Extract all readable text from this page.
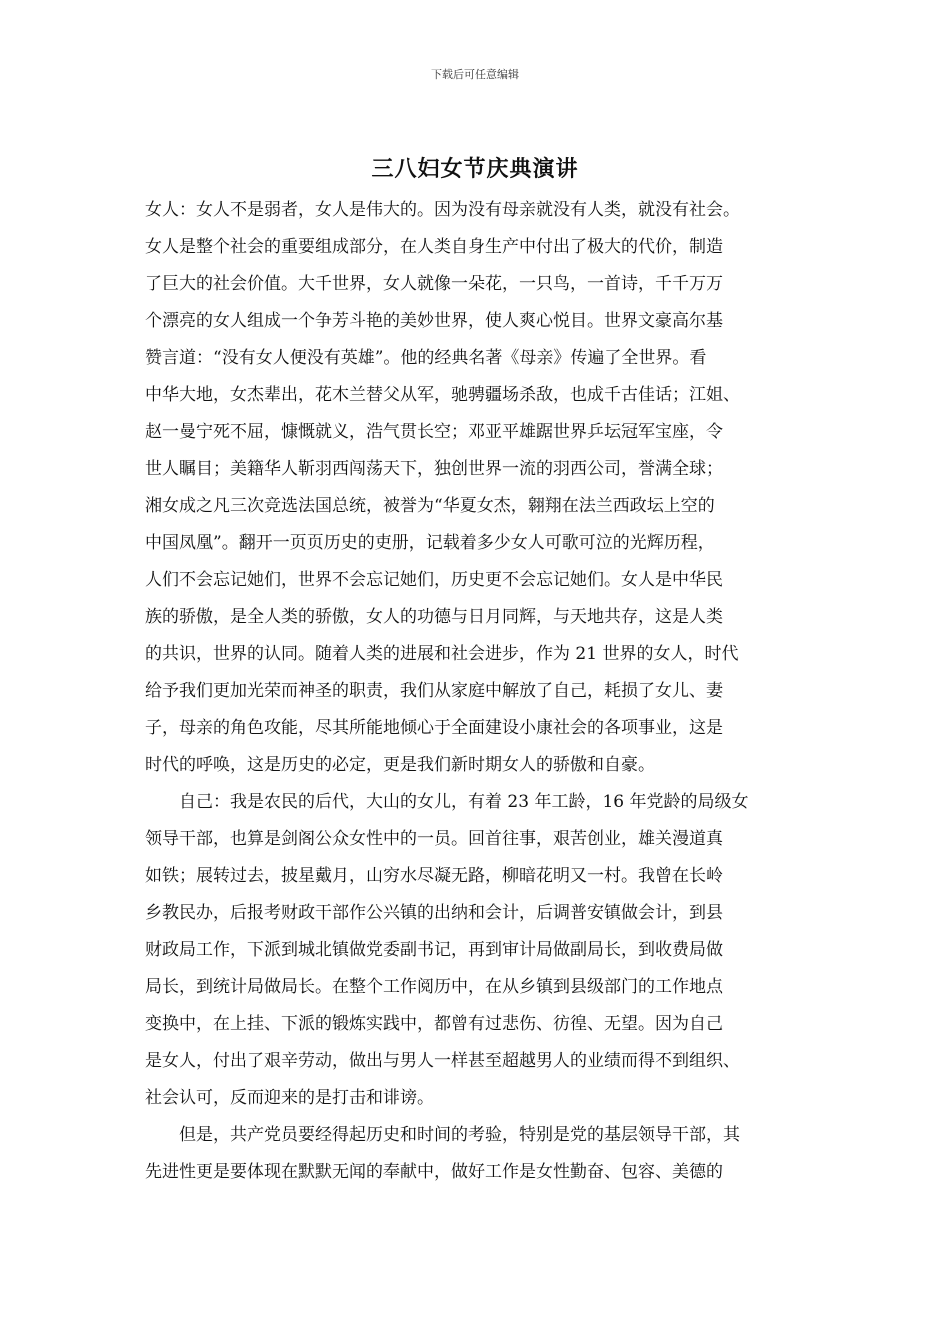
下载后可任意编辑
三八妇女节庆典演讲
女人：女人不是弱者，女人是伟大的。因为没有母亲就没有人类，就没有社会。
女人是整个社会的重要组成部分，在人类自身生产中付出了极大的代价，制造
了巨大的社会价值。大千世界，女人就像一朵花，一只鸟，一首诗，千千万万
个漂亮的女人组成一个争芳斗艳的美妙世界，使人爽心悦目。世界文豪高尔基
赞言道：“没有女人便没有英雄”。他的经典名著《母亲》传遍了全世界。看
中华大地，女杰辈出，花木兰替父从军，驰骋疆场杀敌，也成千古佳话；江姐、
赵一曼宁死不屈，慷慨就义，浩气贯长空；邓亚平雄踞世界乒坛冠军宝座，令
世人瞩目；美籍华人靳羽西闯荡天下，独创世界一流的羽西公司，誉满全球；
湘女成之凡三次竞选法国总统，被誉为“华夏女杰，翱翔在法兰西政坛上空的
中国凤凰”。翻开一页页历史的吏册，记载着多少女人可歌可泣的光辉历程，
人们不会忘记她们，世界不会忘记她们，历史更不会忘记她们。女人是中华民
族的骄傲，是全人类的骄傲，女人的功德与日月同辉，与天地共存，这是人类
的共识，世界的认同。随着人类的进展和社会进步，作为 21 世界的女人，时代
给予我们更加光荣而神圣的职责，我们从家庭中解放了自己，耗损了女儿、妻
子，母亲的角色攻能，尽其所能地倾心于全面建设小康社会的各项事业，这是
时代的呼唤，这是历史的必定，更是我们新时期女人的骄傲和自豪。
　　自己：我是农民的后代，大山的女儿，有着 23 年工龄，16 年党龄的局级女
领导干部，也算是剑阁公众女性中的一员。回首往事，艰苦创业，雄关漫道真
如铁；展转过去，披星戴月，山穷水尽凝无路，柳暗花明又一村。我曾在长岭
乡教民办，后报考财政干部作公兴镇的出纳和会计，后调普安镇做会计，到县
财政局工作，下派到城北镇做党委副书记，再到审计局做副局长，到收费局做
局长，到统计局做局长。在整个工作阅历中，在从乡镇到县级部门的工作地点
变换中，在上挂、下派的锻炼实践中，都曾有过悲伤、彷徨、无望。因为自己
是女人，付出了艰辛劳动，做出与男人一样甚至超越男人的业绩而得不到组织、
社会认可，反而迎来的是打击和诽谤。
　　但是，共产党员要经得起历史和时间的考验，特别是党的基层领导干部，其
先进性更是要体现在默默无闻的奉献中，做好工作是女性勤奋、包容、美德的
